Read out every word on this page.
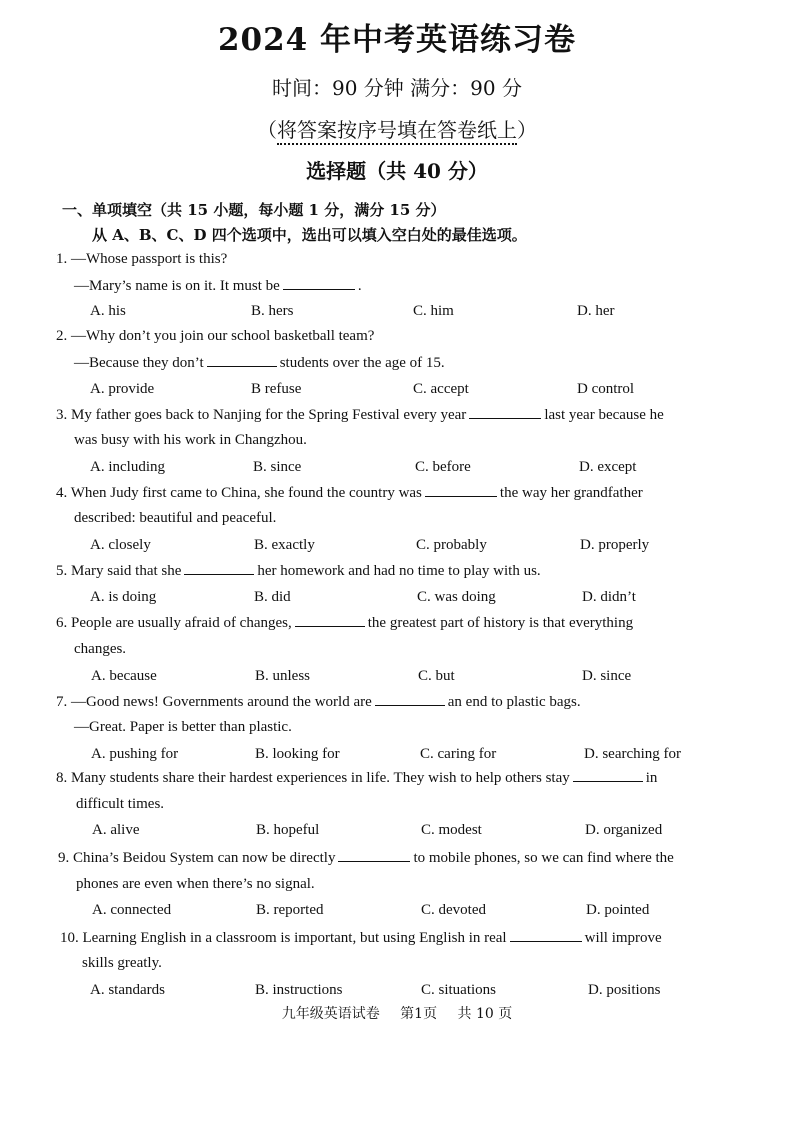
2024 年中考英语练习卷
时间：90 分钟 满分：90 分
（将答案按序号填在答卷纸上）
选择题（共 40 分）
一、单项填空（共 15 小题，每小题 1 分，满分 15 分）
从 A、B、C、D 四个选项中，选出可以填入空白处的最佳选项。
1. —Whose passport is this?
—Mary’s name is on it. It must be	.
A. his	B. hers	C. him	D. her
2. —Why don’t you join our school basketball team?
—Because they don’t	students over the age of 15.
A. provide	B refuse	C. accept	D control
3. My father goes back to Nanjing for the Spring Festival every year	last year because he
was busy with his work in Changzhou.
A. including	B. since	C. before	D. except
4. When Judy first came to China, she found the country was	the way her grandfather
described: beautiful and peaceful.
A. closely	B. exactly	C. probably	D. properly
5. Mary said that she	her homework and had no time to play with us.
A. is doing	B. did	C. was doing	D. didn’t
6. People are usually afraid of changes,	the greatest part of history is that everything
changes.
A. because	B. unless	C. but	D. since
7. —Good news! Governments around the world are	an end to plastic bags.
—Great. Paper is better than plastic.
A. pushing for	B. looking for	C. caring for	D. searching for
8. Many students share their hardest experiences in life. They wish to help others stay	in
difficult times.
A. alive	B. hopeful	C. modest	D. organized
9. China’s Beidou System can now be directly	to mobile phones, so we can find where the
phones are even when there’s no signal.
A. connected	B. reported	C. devoted	D. pointed
10. Learning English in a classroom is important, but using English in real	will improve
skills greatly.
A. standards	B. instructions	C. situations	D. positions
九年级英语试卷 第1页 共 10 页
